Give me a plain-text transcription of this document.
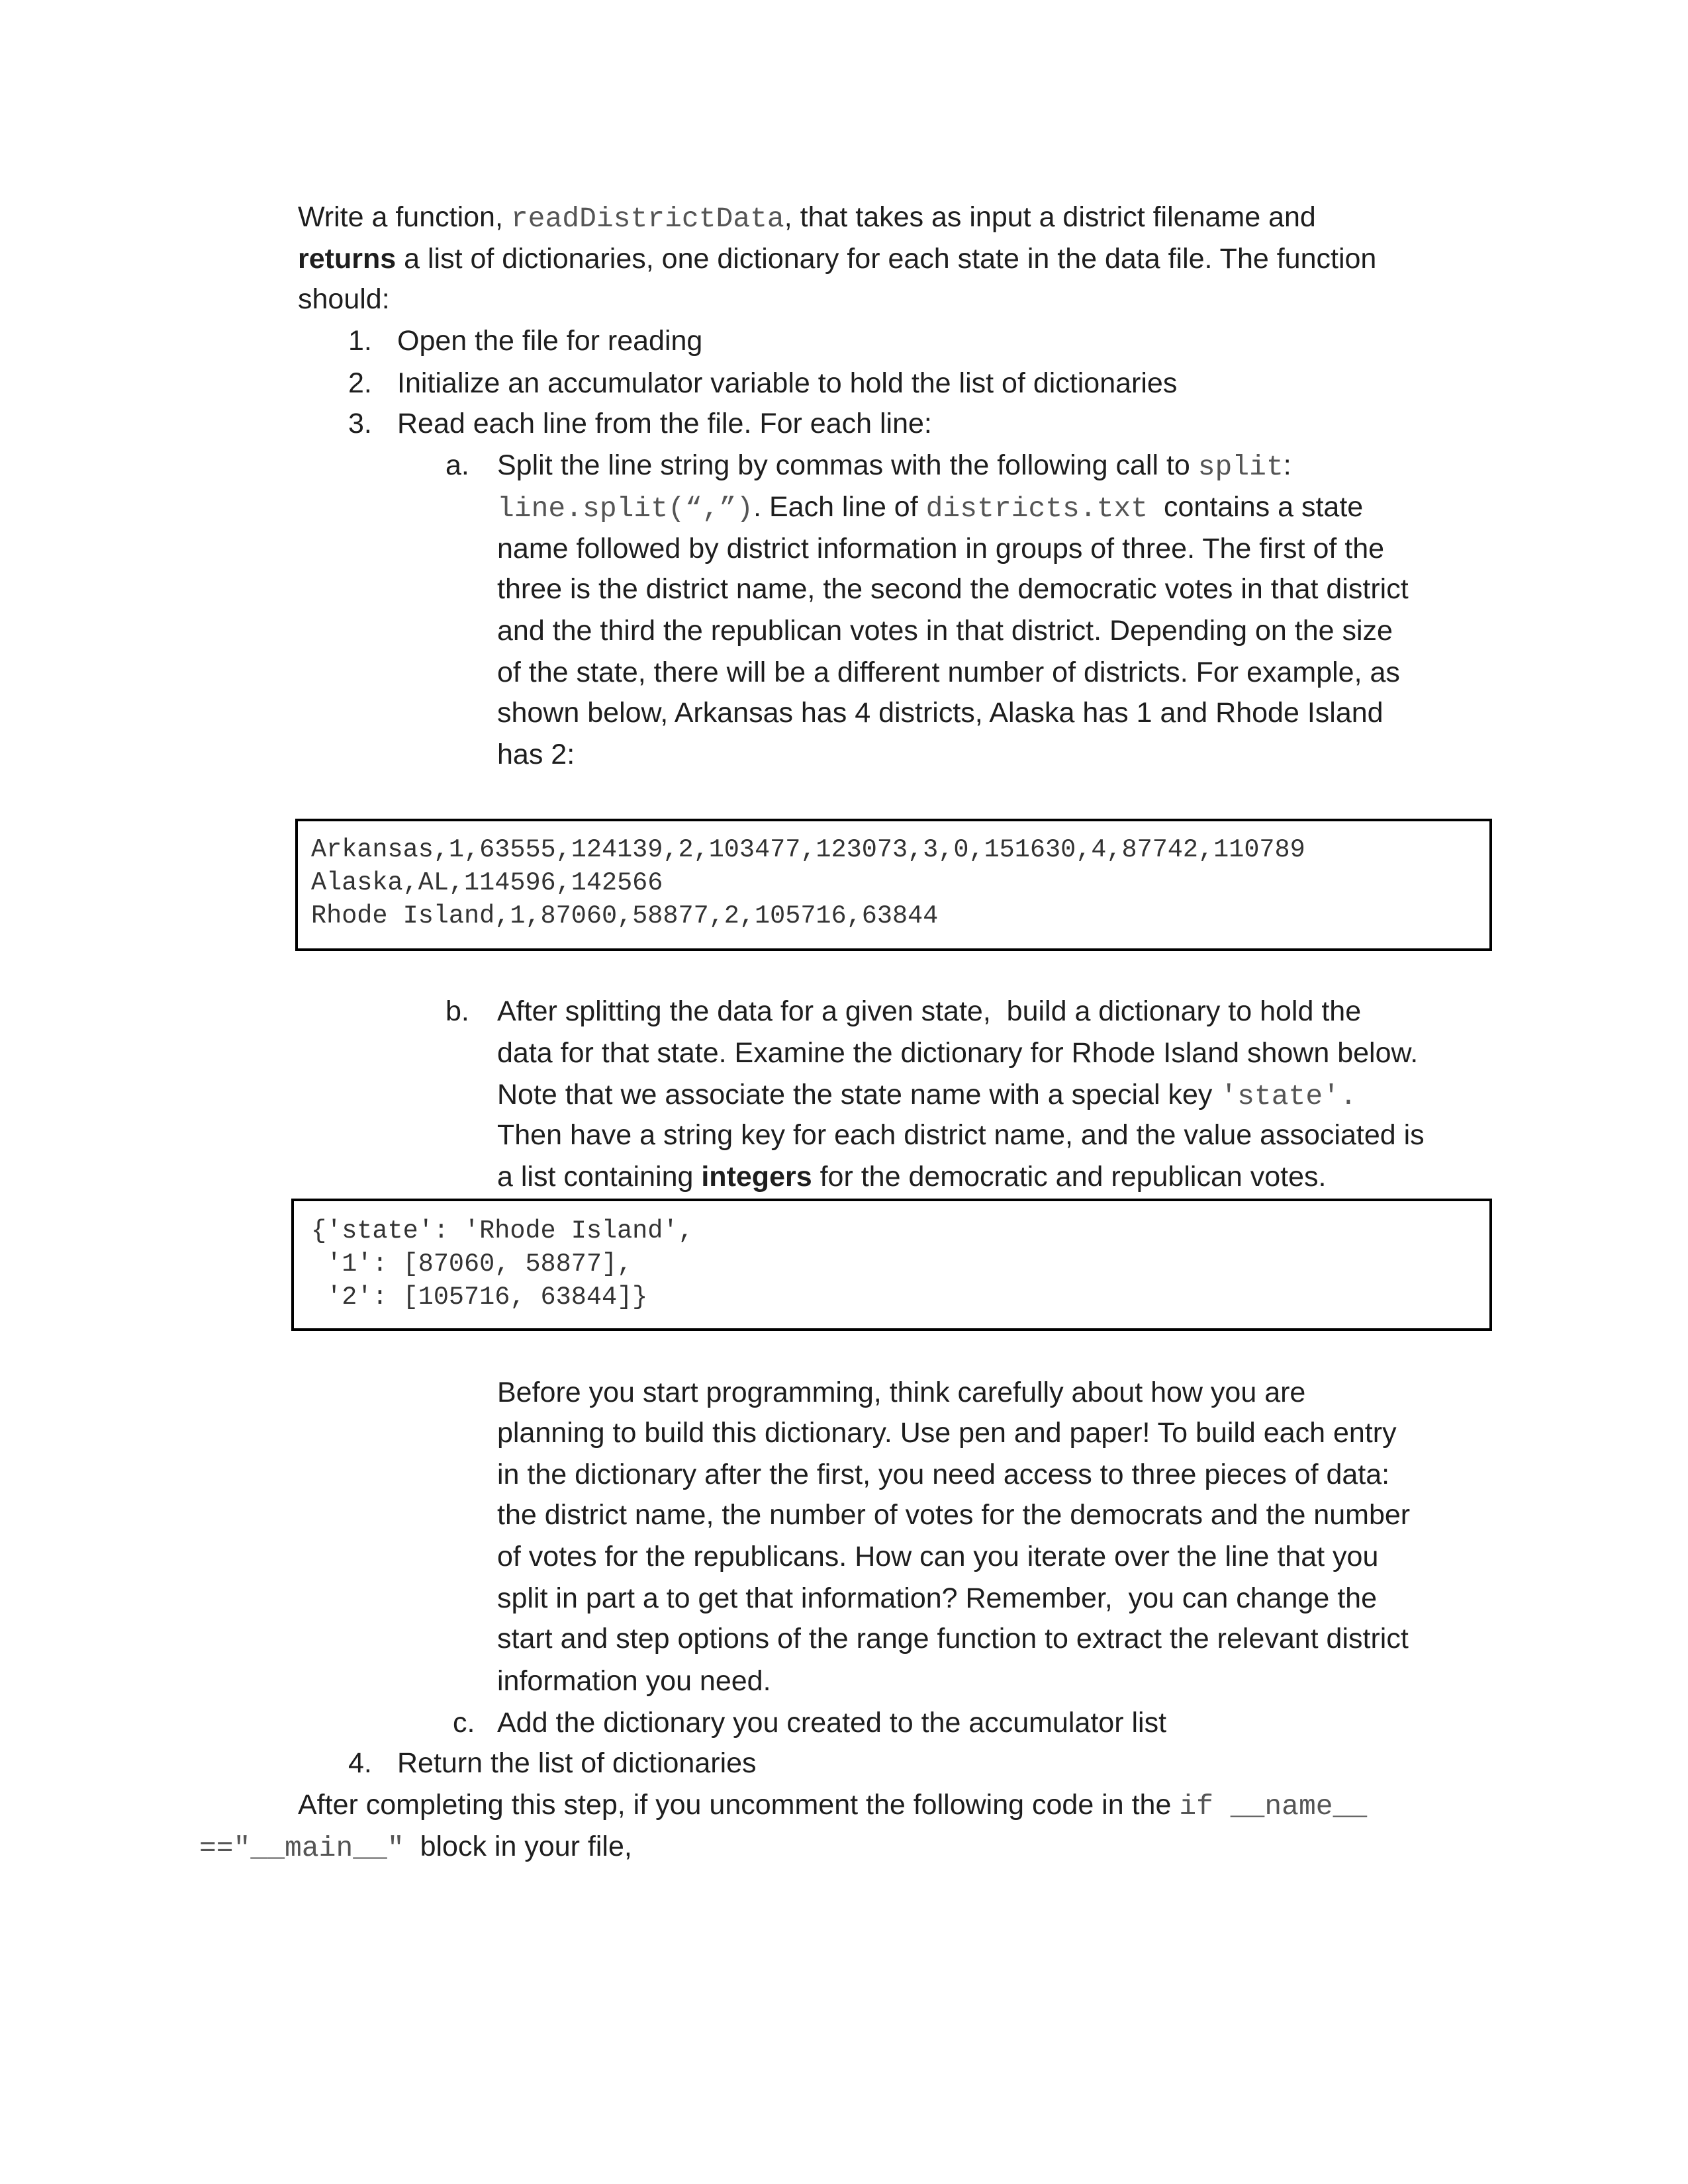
Arkansas,1,63555,124139,2,103477,123073,3,0,151630,4,87742,110789
Alaska,AL,114596,142566
Rhode Island,1,87060,58877,2,105716,63844
{'state': 'Rhode Island',
'1': [87060, 58877],
'2': [105716, 63844]}
Write a function, readDistrictData, that takes as input a district filename and
returns a list of dictionaries, one dictionary for each state in the data file. The function
should:
1. Open the file for reading
2. Initialize an accumulator variable to hold the list of dictionaries
3. Read each line from the file. For each line:
a. Split the line string by commas with the following call to split:
line.split(“,”). Each line of districts.txt  contains a state
name followed by district information in groups of three. The first of the
three is the district name, the second the democratic votes in that district
and the third the republican votes in that district. Depending on the size
of the state, there will be a different number of districts. For example, as
shown below, Arkansas has 4 districts, Alaska has 1 and Rhode Island
has 2:
b. After splitting the data for a given state,  build a dictionary to hold the
data for that state. Examine the dictionary for Rhode Island shown below.
Note that we associate the state name with a special key 'state'.
Then have a string key for each district name, and the value associated is
a list containing integers for the democratic and republican votes.
Before you start programming, think carefully about how you are
planning to build this dictionary. Use pen and paper! To build each entry
in the dictionary after the first, you need access to three pieces of data:
the district name, the number of votes for the democrats and the number
of votes for the republicans. How can you iterate over the line that you
split in part a to get that information? Remember,  you can change the
start and step options of the range function to extract the relevant district
information you need.
c. Add the dictionary you created to the accumulator list
4. Return the list of dictionaries
After completing this step, if you uncomment the following code in the if __name__
=="__main__"  block in your file,
